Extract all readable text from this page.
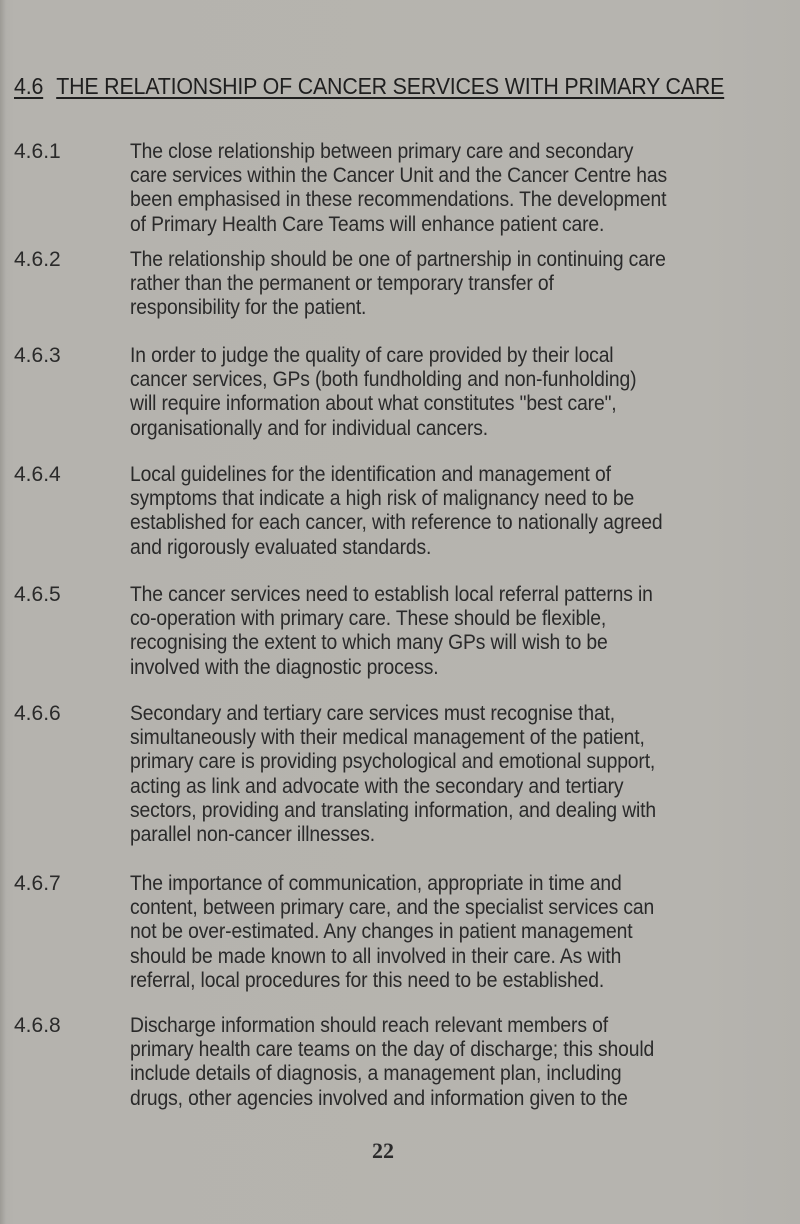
4.6 THE RELATIONSHIP OF CANCER SERVICES WITH PRIMARY CARE
4.6.1	The close relationship between primary care and secondary
care services within the Cancer Unit and the Cancer Centre has
been emphasised in these recommendations. The development
of Primary Health Care Teams will enhance patient care.
4.6.2	The relationship should be one of partnership in continuing care
rather than the permanent or temporary transfer of
responsibility for the patient.
4.6.3	In order to judge the quality of care provided by their local
cancer services, GPs (both fundholding and non-funholding)
will require information about what constitutes "best care",
organisationally and for individual cancers.
4.6.4	Local guidelines for the identification and management of
symptoms that indicate a high risk of malignancy need to be
established for each cancer, with reference to nationally agreed
and rigorously evaluated standards.
4.6.5	The cancer services need to establish local referral patterns in
co-operation with primary care. These should be flexible,
recognising the extent to which many GPs will wish to be
involved with the diagnostic process.
4.6.6	Secondary and tertiary care services must recognise that,
simultaneously with their medical management of the patient,
primary care is providing psychological and emotional support,
acting as link and advocate with the secondary and tertiary
sectors, providing and translating information, and dealing with
parallel non-cancer illnesses.
4.6.7	The importance of communication, appropriate in time and
content, between primary care, and the specialist services can
not be over-estimated. Any changes in patient management
should be made known to all involved in their care. As with
referral, local procedures for this need to be established.
4.6.8	Discharge information should reach relevant members of
primary health care teams on the day of discharge; this should
include details of diagnosis, a management plan, including
drugs, other agencies involved and information given to the
22
